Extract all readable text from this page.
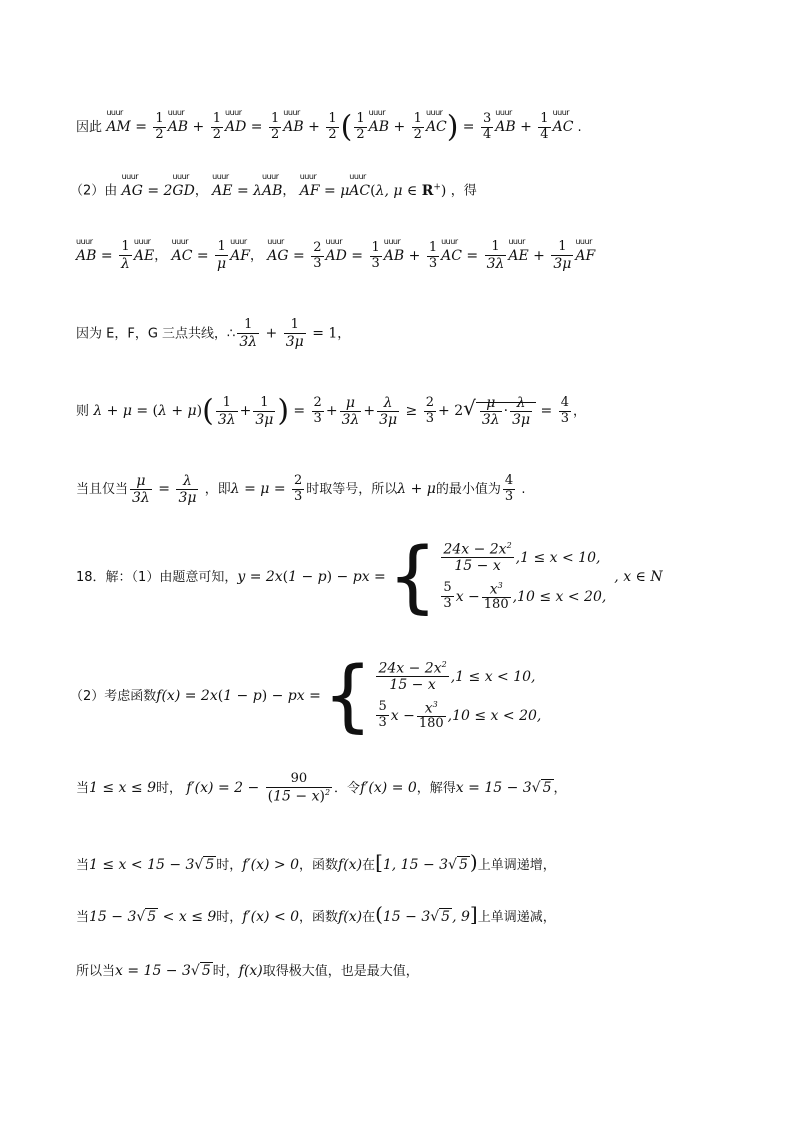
因此 uuur AM = $\frac{1}{2}$ uuur AB + $\frac{1}{2}$ uuur AD = $\frac{1}{2}$ uuur AB + $\frac{1}{2}$ ( $\frac{1}{2}$ uuur AB + $\frac{1}{2}$ uuur $AC) = \frac{3}{4}$ uuur AB + $\frac{1}{4}$ uuur AC .
（2）由 uuur AG = 2uuur GD， uuur AE = λuuur AB， uuur AF = μuuur AC(λ, μ ∈ R+) ，得
uuur AB = $\frac{1}{\lambda}$ uuur AE， uuur AC = $\frac{1}{\mu}$ uuur AF， uuur AG = $\frac{2}{3}$ uuur AD = $\frac{1}{3}$ uuur AB + $\frac{1}{3}$ uuur AC = $\frac{1}{3\lambda}$ uuur AE + $\frac{1}{3\mu}$ uuur AF
因为 E，F，G 三点共线，∴ $\frac{1}{3\lambda} + \frac{1}{3\mu} = 1$，
则 $\lambda + \mu = (\lambda + \mu)( \frac{1}{3\lambda} + \frac{1}{3\mu}$ ) = $\frac{2}{3} + \frac{\mu}{3\lambda} + \frac{\lambda}{3\mu} \ge \frac{2}{3} + 2√ \frac{\mu}{3\lambda} \cdot \frac{\lambda}{3\mu} = \frac{4}{3}$ ，
当且仅当 $\frac{\mu}{3\lambda} = \frac{\lambda}{3\mu}$ ，即$\lambda = \mu = \frac{2}{3}$ 时取等号，所以λ + μ的最小值为 $\frac{4}{3}$ .
18．解：（1）由题意可知， y = 2x(1 − p) − px = { $\frac{24x - 2x^2}{15 - x} ,1 \le x < 10$,
$\frac{5}{3}$ $x - \frac{x^3}{180} ,10 \le x < 20$,
, x ∈ N
（2）考虑函数 f(x) = 2x(1 − p) − px = { $\frac{24x - 2x^2}{15 - x} ,1 \le x < 10$,
$\frac{5}{3}$ $x - \frac{x^3}{180} ,10 \le x < 20$,
当1 ≤ x ≤ 9时， $f'(x) = 2 - \frac{90}{(15 - x)^2}$ ．令f′(x) = 0，解得x = 15 − 3√ 5 ，
当1 ≤ x < 15 − 3√ 5 时，f′(x) > 0，函数f(x)在[1, 15 − 3√ 5 )上单调递增，
当15 − 3√ 5 < x ≤ 9时，f′(x) < 0，函数f(x)在(15 − 3√ 5 , 9]上单调递减，
所以当x = 15 − 3√ 5 时，f(x)取得极大值，也是最大值，
